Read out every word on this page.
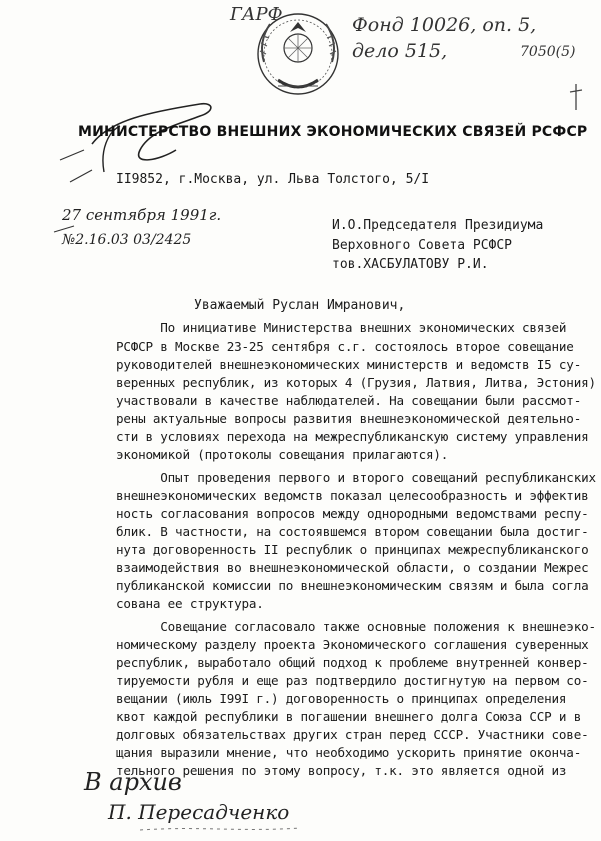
ГАРФ	Фонд 10026, оп. 5,
дело 515,	7050(5)
МИНИСТЕРСТВО ВНЕШНИХ ЭКОНОМИЧЕСКИХ СВЯЗЕЙ РСФСР
II9852, г.Москва, ул. Льва Толстого, 5/I
27 сентября 1991г.
№2.16.03 03/2425
И.О.Председателя Президиума
Верховного Совета РСФСР
тов.ХАСБУЛАТОВУ Р.И.
Уважаемый Руслан Имранович,
По инициативе Министерства внешних экономических связей
РСФСР в Москве 23-25 сентября с.г. состоялось второе совещание
руководителей внешнеэкономических министерств и ведомств I5 су-
веренных республик, из которых 4 (Грузия, Латвия, Литва, Эстония)
участвовали в качестве наблюдателей. На совещании были рассмот-
рены актуальные вопросы развития внешнеэкономической деятельно-
сти в условиях перехода на межреспубликанскую систему управления
экономикой (протоколы совещания прилагаются).
Опыт проведения первого и второго совещаний республиканских
внешнеэкономических ведомств показал целесообразность и эффектив
ность согласования вопросов между однородными ведомствами респу-
блик. В частности, на состоявшемся втором совещании была достиг-
нута договоренность II республик о принципах межреспубликанского
взаимодействия во внешнеэкономической области, о создании Межрес
публиканской комиссии по внешнеэкономическим связям и была согла
сована ее структура.
Совещание согласовало также основные положения к внешнеэко-
номическому разделу проекта Экономического соглашения суверенных
республик, выработало общий подход к проблеме внутренней конвер-
тируемости рубля и еще раз подтвердило достигнутую на первом со-
вещании (июль I99I г.) договоренность о принципах определения
квот каждой республики в погашении внешнего долга Союза ССР и в
долговых обязательствах других стран перед СССР. Участники сове-
щания выразили мнение, что необходимо ускорить принятие оконча-
тельного решения по этому вопросу, т.к. это является одной из
В архив
П. Пересадченко
